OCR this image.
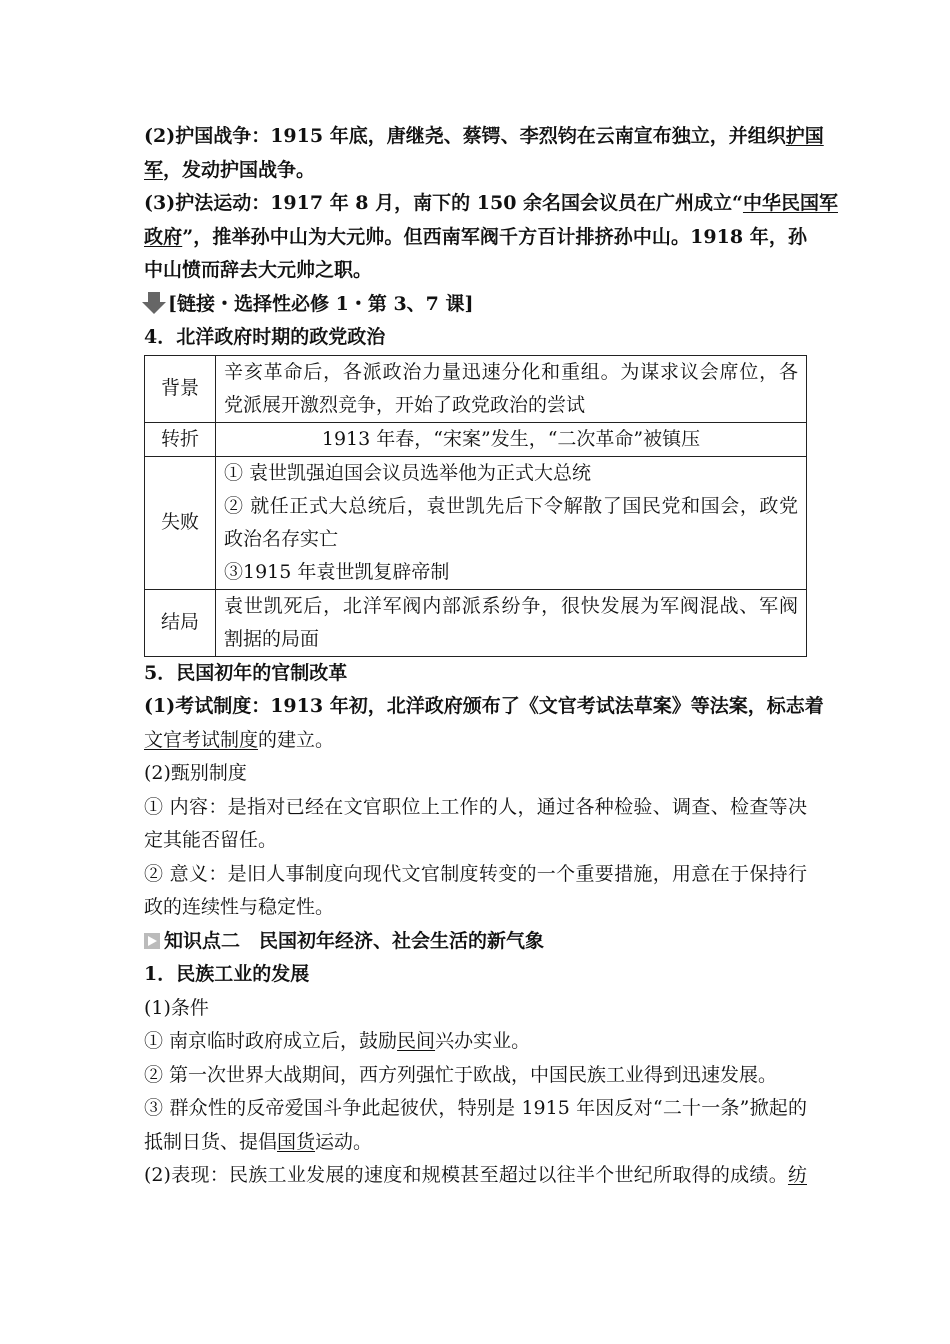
(2)护国战争：1915 年底，唐继尧、蔡锷、李烈钧在云南宣布独立，并组织护国
军，发动护国战争。
(3)护法运动：1917 年 8 月，南下的 150 余名国会议员在广州成立“中华民国军
政府”，推举孙中山为大元帅。但西南军阀千方百计排挤孙中山。1918 年，孙
中山愤而辞去大元帅之职。
[链接・选择性必修 1・第 3、7 课]
4．北洋政府时期的政党政治
背景	辛亥革命后，各派政治力量迅速分化和重组。为谋求议会席位，各
党派展开激烈竞争，开始了政党政治的尝试

转折	1913 年春，“宋案”发生，“二次革命”被镇压
失败	① 袁世凯强迫国会议员选举他为正式大总统
② 就任正式大总统后，袁世凯先后下令解散了国民党和国会，政党
政治名存实亡
③1915 年袁世凯复辟帝制

结局	袁世凯死后，北洋军阀内部派系纷争，很快发展为军阀混战、军阀
割据的局面
5．民国初年的官制改革
(1)考试制度：1913 年初，北洋政府颁布了《文官考试法草案》等法案，标志着
文官考试制度的建立。
(2)甄别制度
① 内容：是指对已经在文官职位上工作的人，通过各种检验、调查、检查等决
定其能否留任。
② 意义：是旧人事制度向现代文官制度转变的一个重要措施，用意在于保持行
政的连续性与稳定性。
知识点二　民国初年经济、社会生活的新气象
1．民族工业的发展
(1)条件
① 南京临时政府成立后，鼓励民间兴办实业。
② 第一次世界大战期间，西方列强忙于欧战，中国民族工业得到迅速发展。
③ 群众性的反帝爱国斗争此起彼伏，特别是 1915 年因反对“二十一条”掀起的
抵制日货、提倡国货运动。
(2)表现：民族工业发展的速度和规模甚至超过以往半个世纪所取得的成绩。纺
